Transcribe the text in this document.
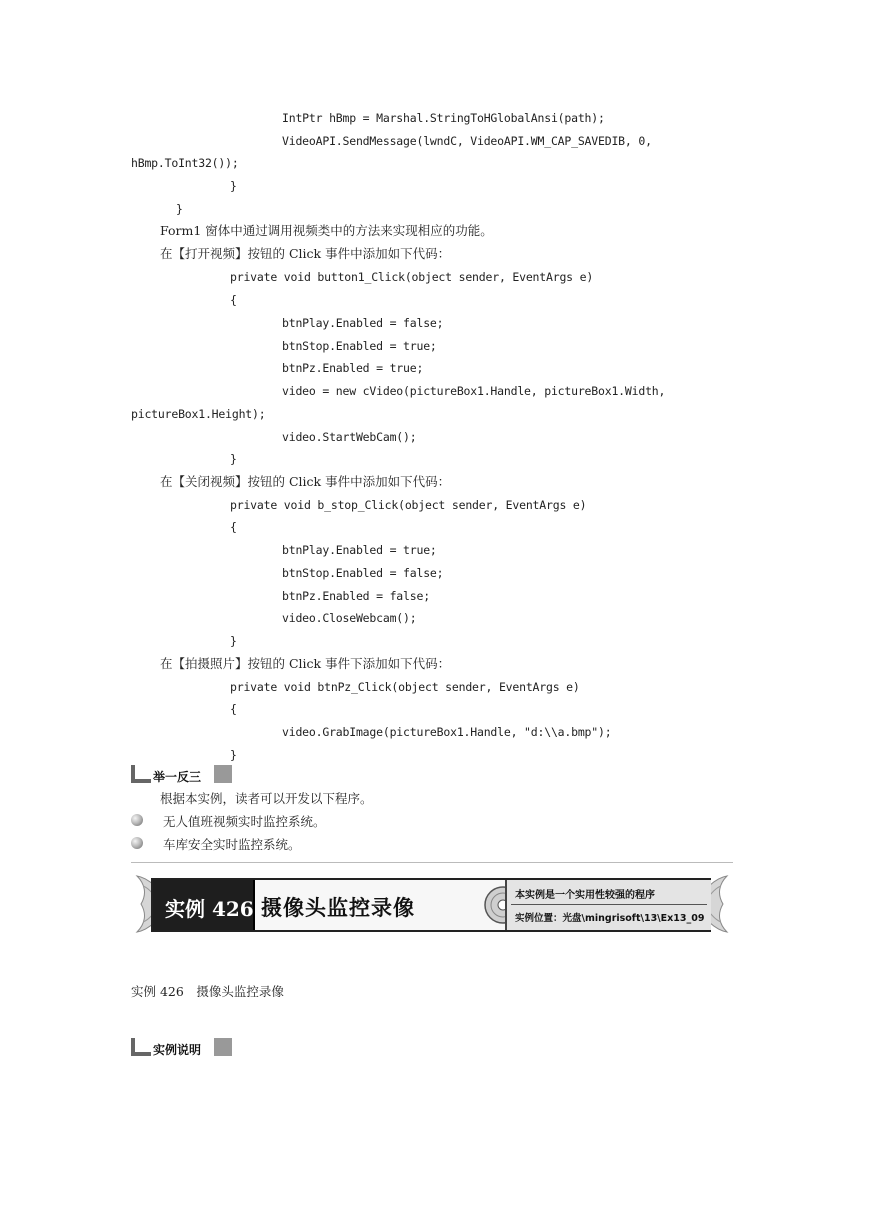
IntPtr hBmp = Marshal.StringToHGlobalAnsi(path);
VideoAPI.SendMessage(lwndC, VideoAPI.WM_CAP_SAVEDIB, 0,
hBmp.ToInt32());
}
}
Form1 窗体中通过调用视频类中的方法来实现相应的功能。
在【打开视频】按钮的 Click 事件中添加如下代码：
private void button1_Click(object sender, EventArgs e)
{
btnPlay.Enabled = false;
btnStop.Enabled = true;
btnPz.Enabled = true;
video = new cVideo(pictureBox1.Handle, pictureBox1.Width,
pictureBox1.Height);
video.StartWebCam();
}
在【关闭视频】按钮的 Click 事件中添加如下代码：
private void b_stop_Click(object sender, EventArgs e)
{
btnPlay.Enabled = true;
btnStop.Enabled = false;
btnPz.Enabled = false;
video.CloseWebcam();
}
在【拍摄照片】按钮的 Click 事件下添加如下代码：
private void btnPz_Click(object sender, EventArgs e)
{
video.GrabImage(pictureBox1.Handle, "d:\\a.bmp");
}
举一反三
根据本实例，读者可以开发以下程序。
无人值班视频实时监控系统。
车库安全实时监控系统。
实例 426 摄像头监控录像	本实例是一个实用性较强的程序
实例位置：光盘\mingrisoft\13\Ex13_09
实例 426　摄像头监控录像
实例说明
